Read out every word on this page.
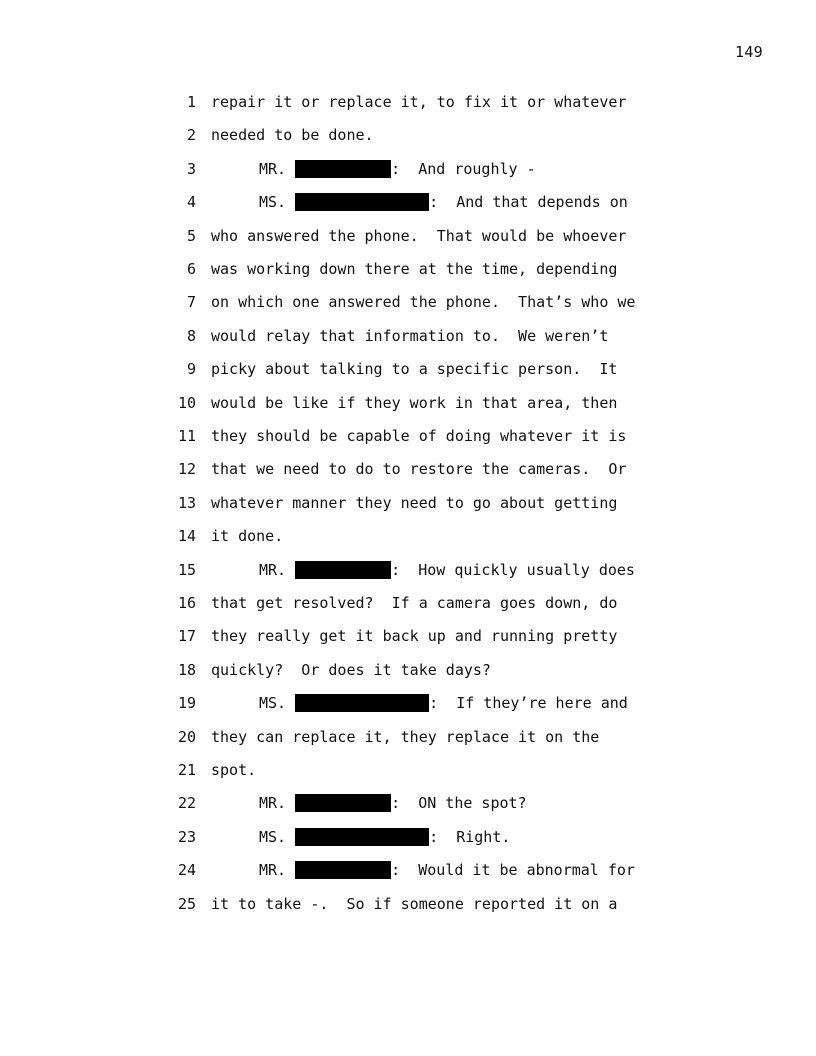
149
1 repair it or replace it, to fix it or whatever
2 needed to be done.
3	MR.	:  And roughly -
4	MS.	:  And that depends on
5 who answered the phone.  That would be whoever
6 was working down there at the time, depending
7 on which one answered the phone.  That’s who we
8 would relay that information to.  We weren’t
9 picky about talking to a specific person.  It
10 would be like if they work in that area, then
11 they should be capable of doing whatever it is
12 that we need to do to restore the cameras.  Or
13 whatever manner they need to go about getting
14 it done.
15	MR.	:  How quickly usually does
16 that get resolved?  If a camera goes down, do
17 they really get it back up and running pretty
18 quickly?  Or does it take days?
19	MS.	:  If they’re here and
20 they can replace it, they replace it on the
21 spot.
22	MR.	:  ON the spot?
23	MS.	:  Right.
24	MR.	:  Would it be abnormal for
25 it to take -.  So if someone reported it on a
